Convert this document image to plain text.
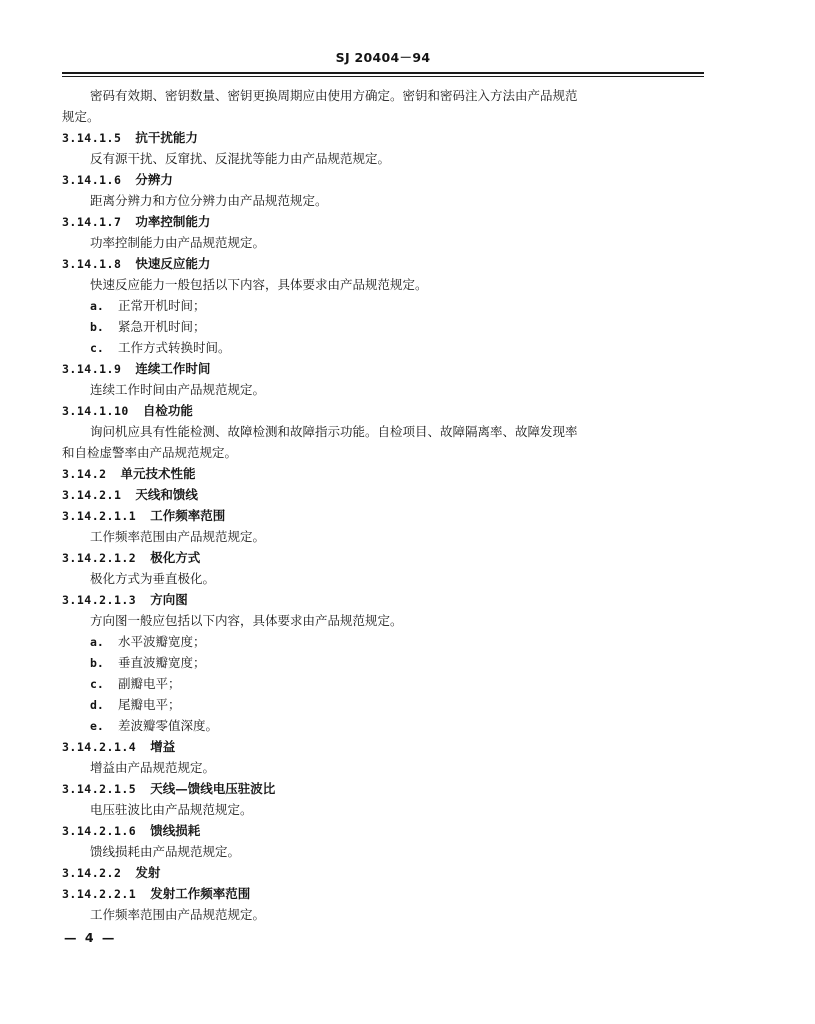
SJ 20404－94
密码有效期、密钥数量、密钥更换周期应由使用方确定。密钥和密码注入方法由产品规范
规定。
3.14.1.5 抗干扰能力
反有源干扰、反窜扰、反混扰等能力由产品规范规定。
3.14.1.6 分辨力
距离分辨力和方位分辨力由产品规范规定。
3.14.1.7 功率控制能力
功率控制能力由产品规范规定。
3.14.1.8 快速反应能力
快速反应能力一般包括以下内容，具体要求由产品规范规定。
a. 正常开机时间；
b. 紧急开机时间；
c. 工作方式转换时间。
3.14.1.9 连续工作时间
连续工作时间由产品规范规定。
3.14.1.10 自检功能
询问机应具有性能检测、故障检测和故障指示功能。自检项目、故障隔离率、故障发现率
和自检虚警率由产品规范规定。
3.14.2 单元技术性能
3.14.2.1 天线和馈线
3.14.2.1.1 工作频率范围
工作频率范围由产品规范规定。
3.14.2.1.2 极化方式
极化方式为垂直极化。
3.14.2.1.3 方向图
方向图一般应包括以下内容，具体要求由产品规范规定。
a. 水平波瓣宽度；
b. 垂直波瓣宽度；
c. 副瓣电平；
d. 尾瓣电平；
e. 差波瓣零值深度。
3.14.2.1.4 增益
增益由产品规范规定。
3.14.2.1.5 天线—馈线电压驻波比
电压驻波比由产品规范规定。
3.14.2.1.6 馈线损耗
馈线损耗由产品规范规定。
3.14.2.2 发射
3.14.2.2.1 发射工作频率范围
工作频率范围由产品规范规定。
— 4 —
